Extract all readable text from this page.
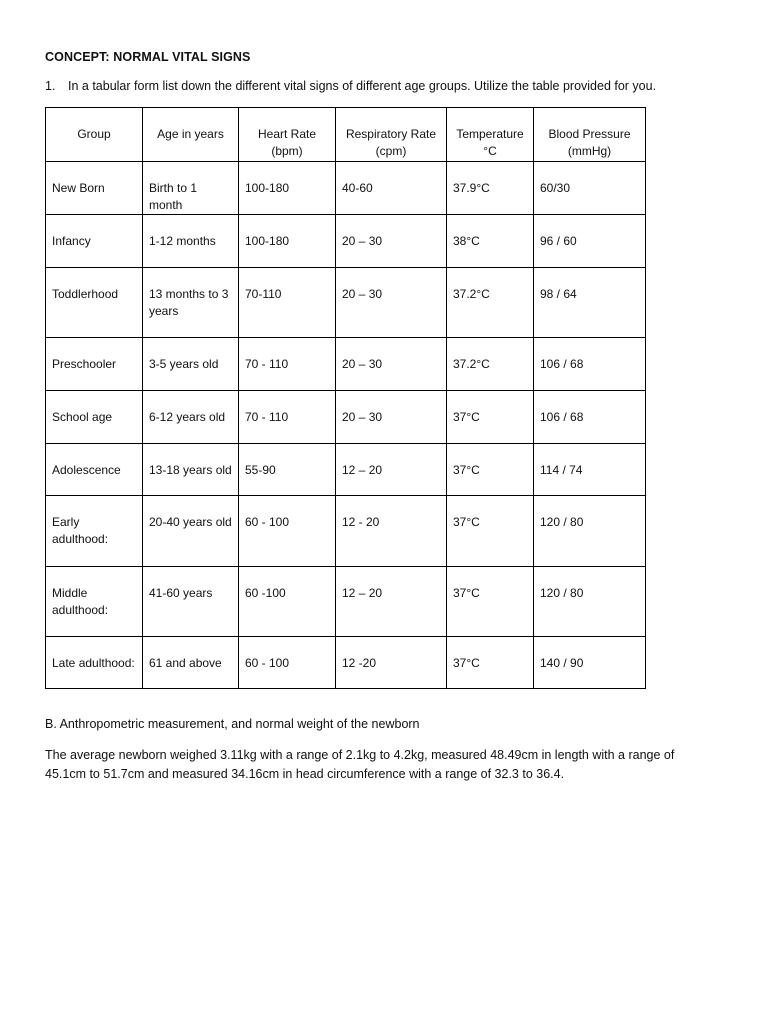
CONCEPT: NORMAL VITAL SIGNS
1. In a tabular form list down the different vital signs of different age groups. Utilize the table provided for you.
Group	Age in years	Heart Rate (bpm)	Respiratory Rate (cpm)	Temperature °C	Blood Pressure (mmHg)
New Born	Birth to 1 month	100-180	40-60	37.9°C	60/30
Infancy	1-12 months	100-180	20 – 30	38°C	96 / 60
Toddlerhood	13 months to 3 years	70-110	20 – 30	37.2°C	98 / 64
Preschooler	3-5 years old	70 - 110	20 – 30	37.2°C	106 / 68
School age	6-12 years old	70 - 110	20 – 30	37°C	106 / 68
Adolescence	13-18 years old	55-90	12 – 20	37°C	114 / 74
Early adulthood:	20-40 years old	60 - 100	12 - 20	37°C	120 / 80
Middle adulthood:	41-60 years	60 -100	12 – 20	37°C	120 / 80
Late adulthood:	61 and above	60 - 100	12 -20	37°C	140 / 90
B. Anthropometric measurement, and normal weight of the newborn
The average newborn weighed 3.11kg with a range of 2.1kg to 4.2kg, measured 48.49cm in length with a range of 45.1cm to 51.7cm and measured 34.16cm in head circumference with a range of 32.3 to 36.4.
